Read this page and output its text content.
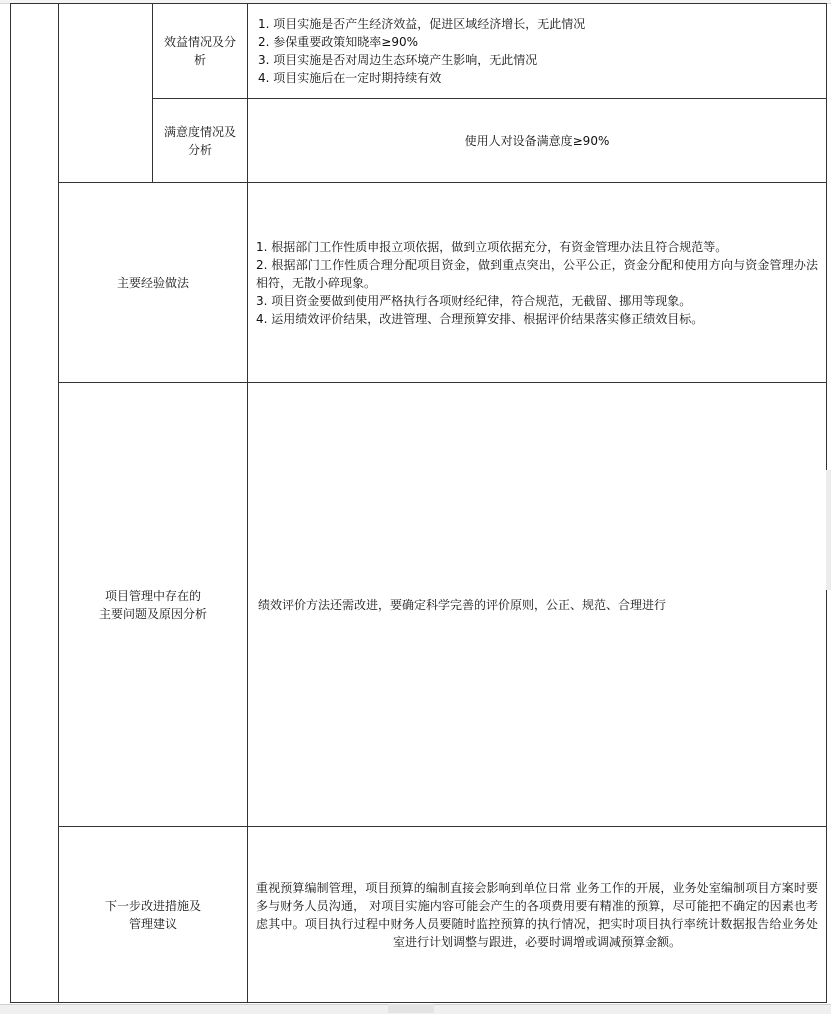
		效益情况及分析	1. 项目实施是否产生经济效益，促进区域经济增长，无此情况
2. 参保重要政策知晓率≥90%
3. 项目实施是否对周边生态环境产生影响，无此情况
4. 项目实施后在一定时期持续有效

		满意度情况及分析	使用人对设备满意度≥90%
	主要经验做法		1. 根据部门工作性质申报立项依据，做到立项依据充分，有资金管理办法且符合规范等。
2. 根据部门工作性质合理分配项目资金，做到重点突出，公平公正，资金分配和使用方向与资金管理办法相符，无散小碎现象。
3. 项目资金要做到使用严格执行各项财经纪律，符合规范，无截留、挪用等现象。
4. 运用绩效评价结果，改进管理、合理预算安排、根据评价结果落实修正绩效目标。

	项目管理中存在的
主要问题及原因分析		绩效评价方法还需改进，要确定科学完善的评价原则，公正、规范、合理进行

	下一步改进措施及
管理建议		重视预算编制管理，项目预算的编制直接会影响到单位日常 业务工作的开展，业务处室编制项目方案时要多与财务人员沟通， 对项目实施内容可能会产生的各项费用要有精准的预算，尽可能把不确定的因素也考虑其中。项目执行过程中财务人员要随时监控预算的执行情况，把实时项目执行率统计数据报告给业务处室进行计划调整与跟进，必要时调增或调减预算金额。
